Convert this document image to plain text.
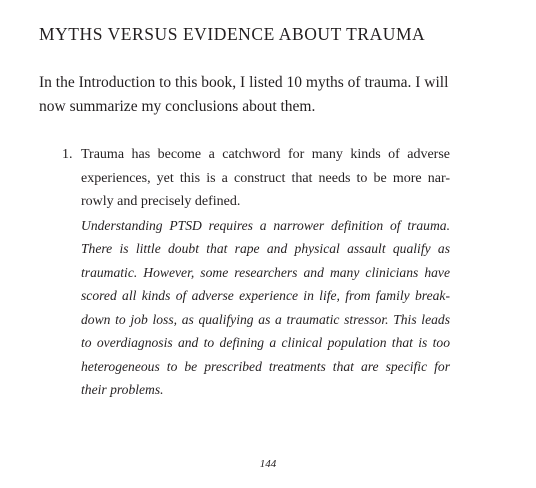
MYTHS VERSUS EVIDENCE ABOUT TRAUMA

In the Introduction to this book, I listed 10 myths of trauma. I will
now summarize my conclusions about them.

1. Trauma has become a catchword for many kinds of adverse
experiences, yet this is a construct that needs to be more nar-
rowly and precisely defined.
Understanding PTSD requires a narrower definition of trauma.
There is little doubt that rape and physical assault qualify as
traumatic. However, some researchers and many clinicians have
scored all kinds of adverse experience in life, from family break-
down to job loss, as qualifying as a traumatic stressor. This leads
to overdiagnosis and to defining a clinical population that is too
heterogeneous to be prescribed treatments that are specific for
their problems.
144
